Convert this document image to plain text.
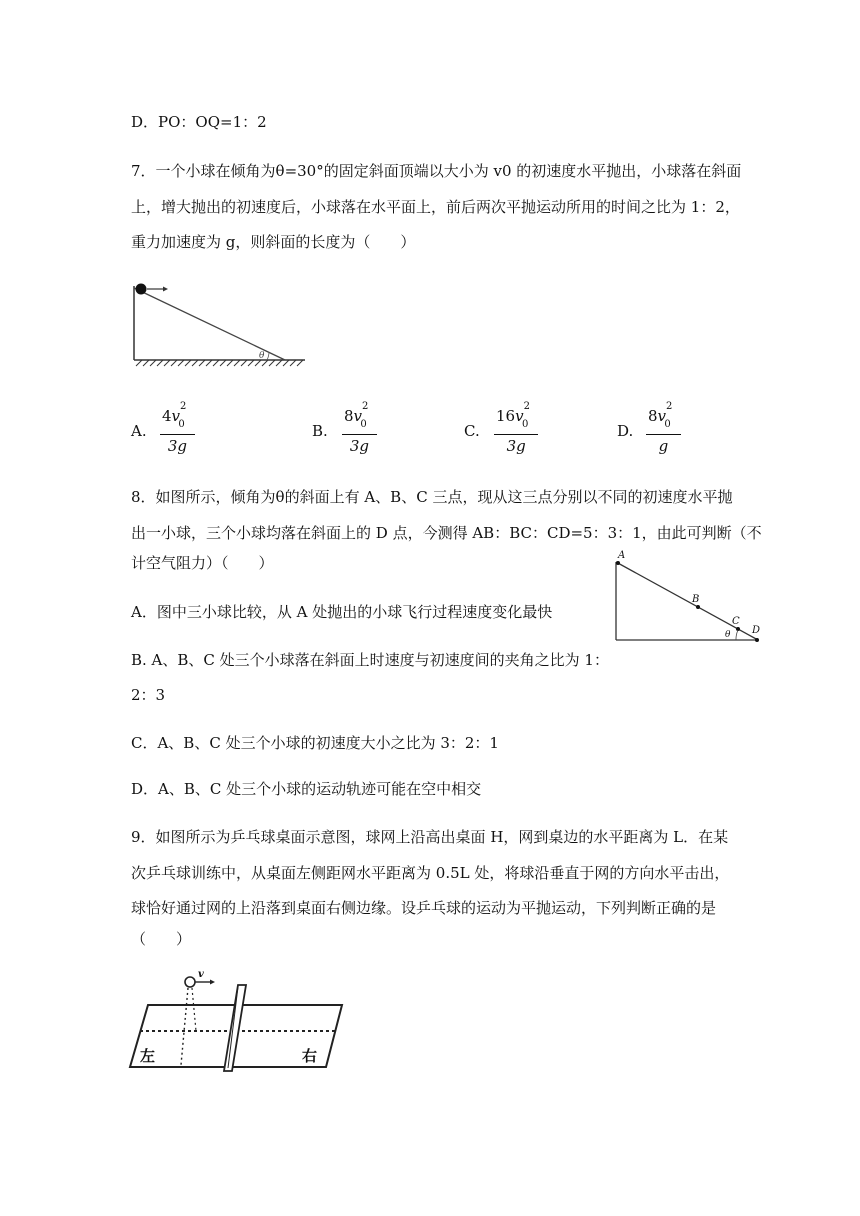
D．PO：OQ=1：2
7．一个小球在倾角为θ=30°的固定斜面顶端以大小为 v0 的初速度水平抛出，小球落在斜面
上，增大抛出的初速度后，小球落在水平面上，前后两次平抛运动所用的时间之比为 1：2，
重力加速度为 g，则斜面的长度为（　　）
θ
A. $\frac{4v^2_0}{3g}$	B. $\frac{8v^2_0}{3g}$	C. $\frac{16v^2_0}{3g}$	D. $\frac{8v^2_0}{g}$
8．如图所示，倾角为θ的斜面上有 A、B、C 三点，现从这三点分别以不同的初速度水平抛
出一小球，三个小球均落在斜面上的 D 点，今测得 AB：BC：CD=5：3：1，由此可判断（不
计空气阻力）（　　）
A．图中三小球比较，从 A 处抛出的小球飞行过程速度变化最快
B. A、B、C 处三个小球落在斜面上时速度与初速度间的夹角之比为 1：
2：3
C．A、B、C 处三个小球的初速度大小之比为 3：2：1
D．A、B、C 处三个小球的运动轨迹可能在空中相交
A
B
C
D
θ
9．如图所示为乒乓球桌面示意图，球网上沿高出桌面 H，网到桌边的水平距离为 L．在某
次乒乓球训练中，从桌面左侧距网水平距离为 0.5L 处，将球沿垂直于网的方向水平击出，
球恰好通过网的上沿落到桌面右侧边缘。设乒乓球的运动为平抛运动，下列判断正确的是
（　　）
v
左	右
